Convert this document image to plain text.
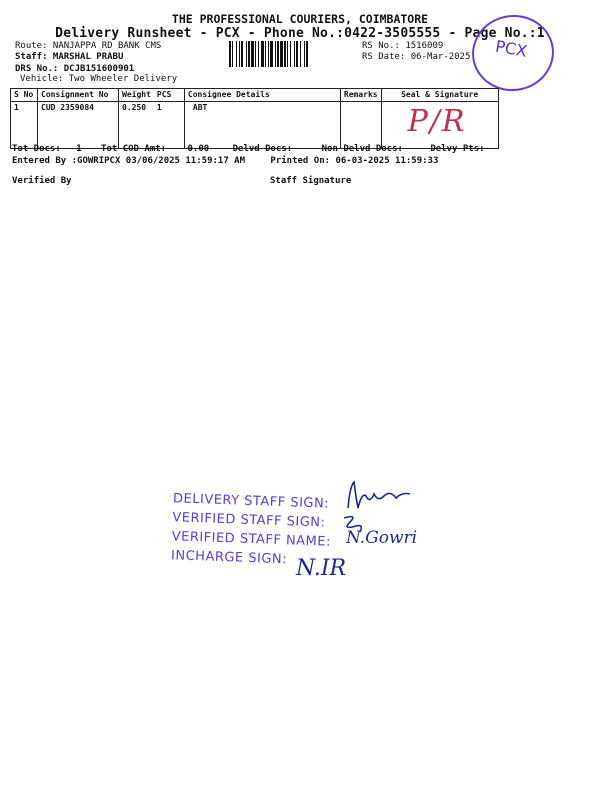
THE PROFESSIONAL COURIERS, COIMBATORE
Delivery Runsheet - PCX - Phone No.:0422-3505555 - Page No.:1
Route: NANJAPPA RD BANK CMS
Staff: MARSHAL PRABU
DRS No.: DCJB151600901
Vehicle: Two Wheeler Delivery
RS No.: 1516009
RS Date: 06-Mar-2025 PCX
S No	Consignment No	Weight	PCS	Consignee Details	Remarks	Seal & Signature
1	CUD 2359084	0.250	1	ABT		P/R
Tot Docs: 1 Tot COD Amt: 0.00	Delvd Docs:	Non Delvd Docs:	Delvy Pts:
Entered By :GOWRIPCX 03/06/2025 11:59:17 AM	Printed On: 06-03-2025 11:59:33
Verified By	Staff Signature
DELIVERY STAFF SIGN:
VERIFIED STAFF SIGN:
VERIFIED STAFF NAME:
INCHARGE SIGN:
N.Gowri
N.IR
